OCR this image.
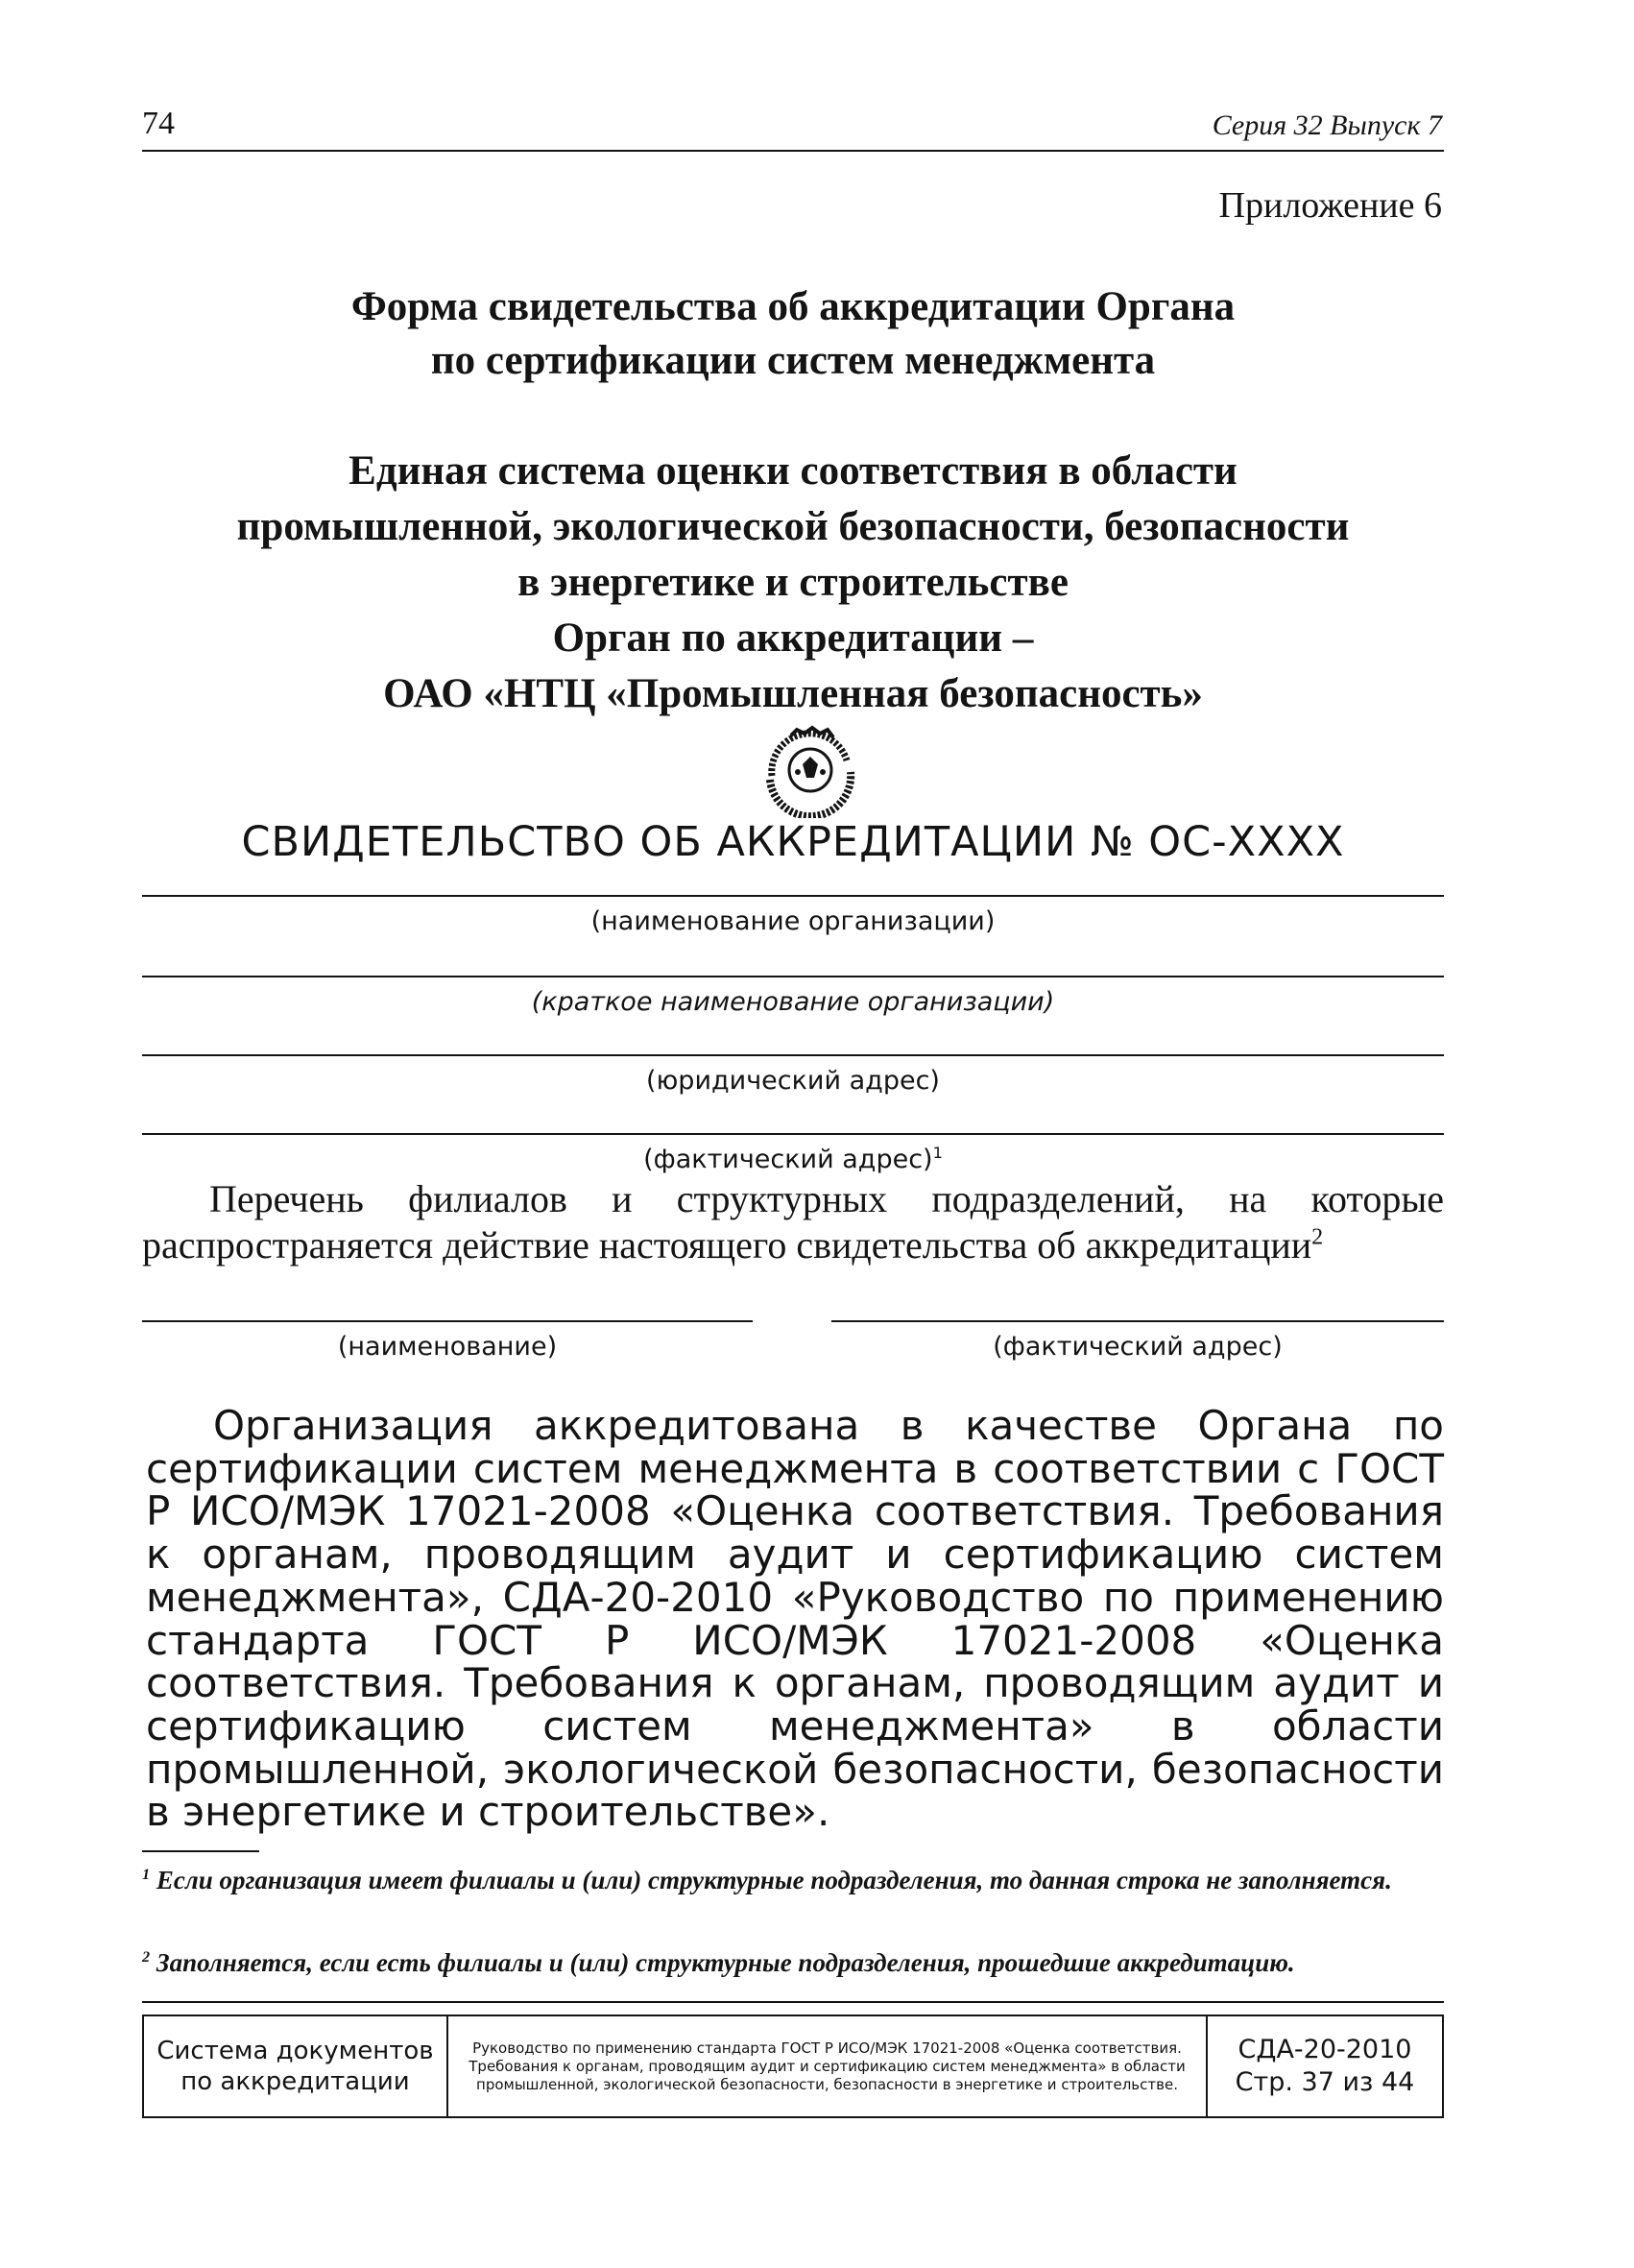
74	Серия 32 Выпуск 7
Приложение 6
Форма свидетельства об аккредитации Органа
по сертификации систем менеджмента
Единая система оценки соответствия в области
промышленной, экологической безопасности, безопасности
в энергетике и строительстве
Орган по аккредитации –
ОАО «НТЦ «Промышленная безопасность»
СВИДЕТЕЛЬСТВО ОБ АККРЕДИТАЦИИ № ОС-XXXX
(наименование организации)
(краткое наименование организации)
(юридический адрес)
(фактический адрес)$^1$
Перечень филиалов и структурных подразделений, на которые распространяется действие настоящего свидетельства об аккредитации$^2$
(наименование)	(фактический адрес)
Организация аккредитована в качестве Органа по сертификации систем менеджмента в соответствии с ГОСТ Р ИСО/МЭК 17021-2008 «Оценка соответствия. Требования к органам, проводящим аудит и сертификацию систем менеджмента», СДА-20-2010 «Руководство по применению стандарта ГОСТ Р ИСО/МЭК 17021-2008 «Оценка соответствия. Требования к органам, проводящим аудит и сертификацию систем менеджмента» в области промышленной, экологической безопасности, безопасности в энергетике и строительстве».
$^1$ Если организация имеет филиалы и (или) структурные подразделения, то данная строка не заполняется.
$^2$ Заполняется, если есть филиалы и (или) структурные подразделения, прошедшие аккредитацию.
Система документов
по аккредитации
Руководство по применению стандарта ГОСТ Р ИСО/МЭК 17021-2008 «Оценка соответствия. Требования к органам, проводящим аудит и сертификацию систем менеджмента» в области промышленной, экологической безопасности, безопасности в энергетике и строительстве.
СДА-20-2010
Стр. 37 из 44
